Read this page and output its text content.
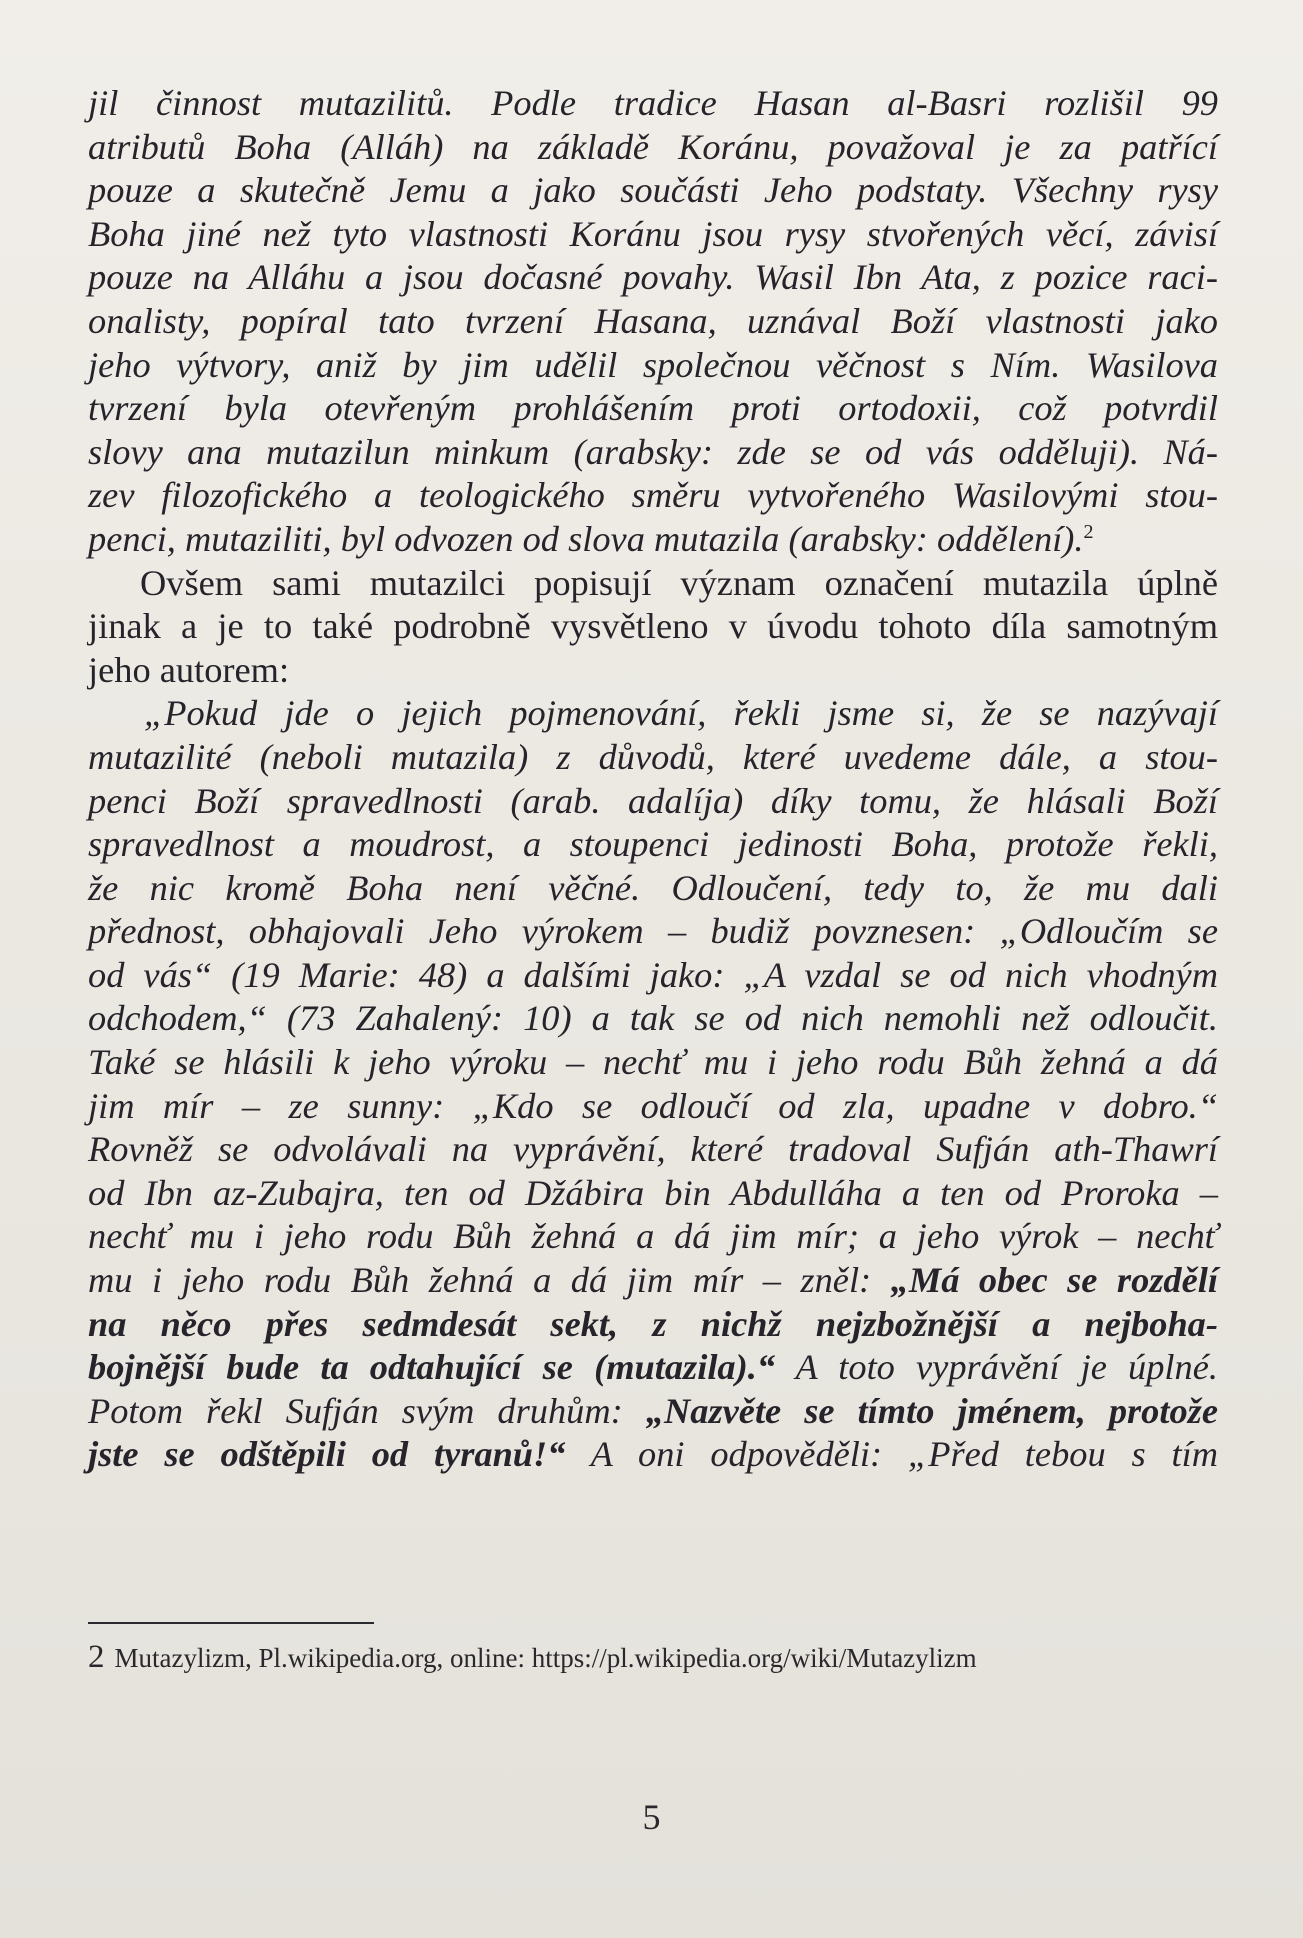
jil činnost mutazilitů. Podle tradice Hasan al-Basri rozlišil 99
atributů Boha (Alláh) na základě Koránu, považoval je za patřící
pouze a skutečně Jemu a jako součásti Jeho podstaty. Všechny rysy
Boha jiné než tyto vlastnosti Koránu jsou rysy stvořených věcí, závisí
pouze na Alláhu a jsou dočasné povahy. Wasil Ibn Ata, z pozice raci-
onalisty, popíral tato tvrzení Hasana, uznával Boží vlastnosti jako
jeho výtvory, aniž by jim udělil společnou věčnost s Ním. Wasilova
tvrzení byla otevřeným prohlášením proti ortodoxii, což potvrdil
slovy ana mutazilun minkum (arabsky: zde se od vás odděluji). Ná-
zev filozofického a teologického směru vytvořeného Wasilovými stou-
penci, mutaziliti, byl odvozen od slova mutazila (arabsky: oddělení).$^2$
Ovšem sami mutazilci popisují význam označení mutazila úplně
jinak a je to také podrobně vysvětleno v úvodu tohoto díla samotným
jeho autorem:
„Pokud jde o jejich pojmenování, řekli jsme si, že se nazývají
mutazilité (neboli mutazila) z důvodů, které uvedeme dále, a stou-
penci Boží spravedlnosti (arab. adalíja) díky tomu, že hlásali Boží
spravedlnost a moudrost, a stoupenci jedinosti Boha, protože řekli,
že nic kromě Boha není věčné. Odloučení, tedy to, že mu dali
přednost, obhajovali Jeho výrokem – budiž povznesen: „Odloučím se
od vás“ (19 Marie: 48) a dalšími jako: „A vzdal se od nich vhodným
odchodem,“ (73 Zahalený: 10) a tak se od nich nemohli než odloučit.
Také se hlásili k jeho výroku – nechť mu i jeho rodu Bůh žehná a dá
jim mír – ze sunny: „Kdo se odloučí od zla, upadne v dobro.“
Rovněž se odvolávali na vyprávění, které tradoval Sufján ath-Thawrí
od Ibn az-Zubajra, ten od Džábira bin Abdulláha a ten od Proroka –
nechť mu i jeho rodu Bůh žehná a dá jim mír; a jeho výrok – nechť
mu i jeho rodu Bůh žehná a dá jim mír – zněl: „Má obec se rozdělí
na něco přes sedmdesát sekt, z nichž nejzbožnější a nejboha-
bojnější bude ta odtahující se (mutazila).“ A toto vyprávění je úplné.
Potom řekl Sufján svým druhům: „Nazvěte se tímto jménem, protože
jste se odštěpili od tyranů!“ A oni odpověděli: „Před tebou s tím
2 Mutazylizm, Pl.wikipedia.org, online: https://pl.wikipedia.org/wiki/Mutazylizm
5
